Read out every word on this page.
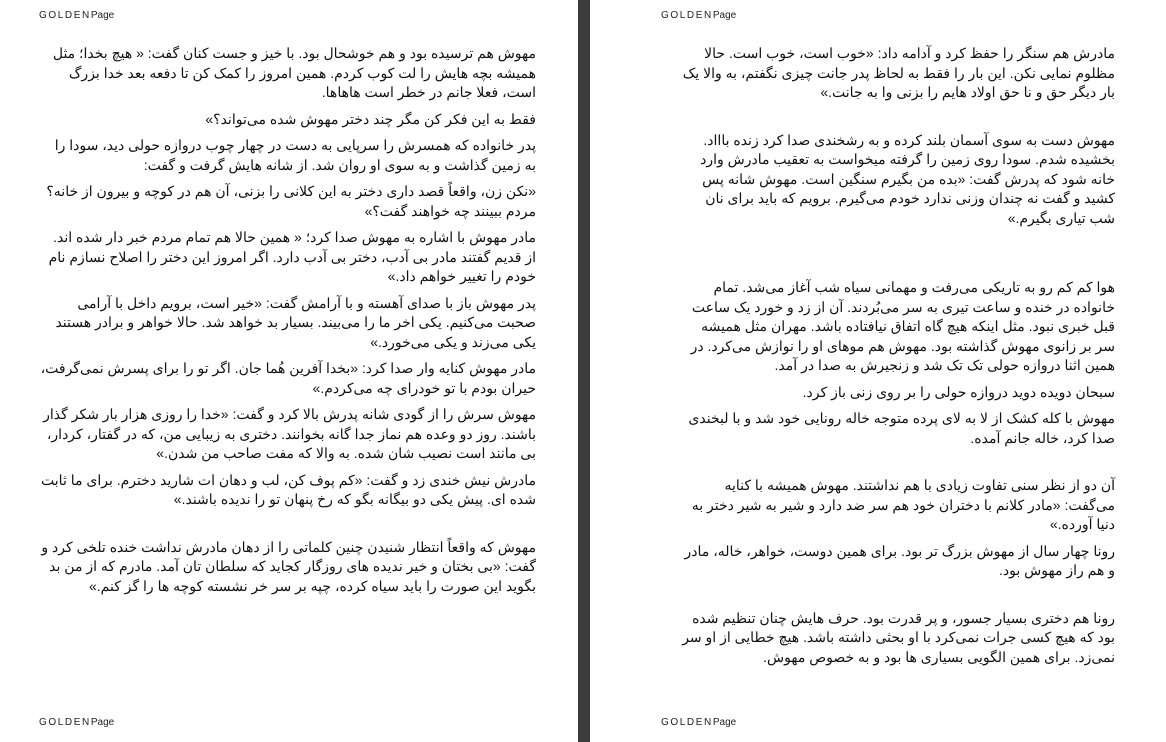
GOLDENPage

مهوش هم ترسیده بود و هم خوشحال بود. با خیز و جست کنان گفت: « هیچ بخدا؛ مثل همیشه بچه هایش را لت کوب کردم. همین امروز را کمک کن تا دفعه بعد خدا بزرگ است، فعلا جانم در خطر است هاهاها.

فقط به این فکر کن مگر چند دختر مهوش شده می‌تواند؟»

پدر خانواده که همسرش را سرپایی به دست در چهار چوب دروازه حولی دید، سودا را به زمین گذاشت و به سوی او روان شد. از شانه هایش گرفت و گفت:

«نکن زن، واقعاً قصد داری دختر به این کلانی را بزنی، آن هم در کوچه و بیرون از خانه؟ مردم ببینند چه خواهند گفت؟»

مادر مهوش با اشاره به مهوش صدا کرد؛ « همین حالا هم تمام مردم خبر دار شده اند. از قدیم گفتند مادر بی آدب، دختر بی آدب دارد. اگر امروز این دختر را اصلاح نسازم نام خودم را تغییر خواهم داد.»

پدر مهوش باز با صدای آهسته و با آرامش گفت: «خیر است، برویم داخل با آرامی صحبت می‌کنیم. یکی اخر ما را می‌بیند. بسیار بد خواهد شد. حالا خواهر و برادر هستند یکی می‌زند و یکی می‌خورد.»

مادر مهوش کنایه وار صدا کرد: «بخدا آفرین هُما جان. اگر تو را برای پسرش نمی‌گرفت، حیران بودم با تو خودرای چه می‌کردم.»

مهوش سرش را از گودی شانه پدرش بالا کرد و گفت: «خدا را روزی هزار بار شکر گذار باشند. روز دو وعده هم نماز جدا گانه بخوانند. دختری به زیبایی من، که در گفتار، کردار، بی مانند است نصیب شان شده. به والا که مفت صاحب من شدن.»

مادرش نیش خندی زد و گفت: «کم پوف کن، لب و دهان ات شارید دخترم. برای ما ثابت شده ای. پیش یکی دو بیگانه بگو که رخ پنهان تو را ندیده باشند.»

مهوش که واقعاً انتظار شنیدن چنین کلماتی را از دهان مادرش نداشت خنده تلخی کرد و گفت: «بی بختان و خیر ندیده های روزگار کجاید که سلطان تان آمد. مادرم که از من بد بگوید این صورت را باید سیاه کرده، چپه بر سر خر نشسته کوچه ها را گز کنم.»

GOLDENPage
GOLDENPage

مادرش هم سنگر را حفظ کرد و آدامه داد: «خوب است، خوب است. حالا مظلوم نمایی نکن. این بار را فقط به لحاظ پدر جانت چیزی نگفتم، به والا یک بار دیگر حق و نا حق اولاد هایم را بزنی وا به جانت.»

مهوش دست به سوی آسمان بلند کرده و به رشخندی صدا کرد زنده باااد. بخشیده شدم. سودا روی زمین را گرفته میخواست به تعقیب مادرش وارد خانه شود که پدرش گفت: «بده من بگیرم سنگین است. مهوش شانه پس کشید و گفت نه چندان وزنی ندارد خودم می‌گیرم. برویم که باید برای نان شب تیاری بگیرم.»

هوا کم کم رو به تاریکی می‌رفت و مهمانی سیاه شب آغاز می‌شد. تمام خانواده در خنده و ساعت تیری به سر می‌بُردند. آن از زد و خورد یک ساعت قبل خبری نبود. مثل اینکه هیچ گاه اتفاق نیافتاده باشد. مهران مثل همیشه سر بر زانوی مهوش گذاشته بود. مهوش هم موهای او را نوازش می‌کرد. در همین اثنا دروازه حولی تک تک شد و زنجیرش به صدا در آمد.

سبحان دویده دوید دروازه حولی را بر روی زنی باز کرد.

مهوش با کله کشک از لا به لای پرده متوجه خاله رونایی خود شد و با لبخندی صدا کرد، خاله جانم آمده.

آن دو از نظر سنی تفاوت زیادی با هم نداشتند. مهوش همیشه با کنایه می‌گفت: «مادر کلانم با دختران خود هم سر ضد دارد و شیر به شیر دختر به دنیا آورده.»

رونا چهار سال از مهوش بزرگ تر بود. برای همین دوست، خواهر، خاله، مادر و هم راز مهوش بود.

رونا هم دختری بسیار جسور، و پر قدرت بود. حرف هایش چنان تنظیم شده بود که هیچ کسی جرات نمی‌کرد با او بحثی داشته باشد. هیچ خطایی از او سر نمی‌زد. برای همین الگویی بسیاری ها بود و به خصوص مهوش.

GOLDENPage
